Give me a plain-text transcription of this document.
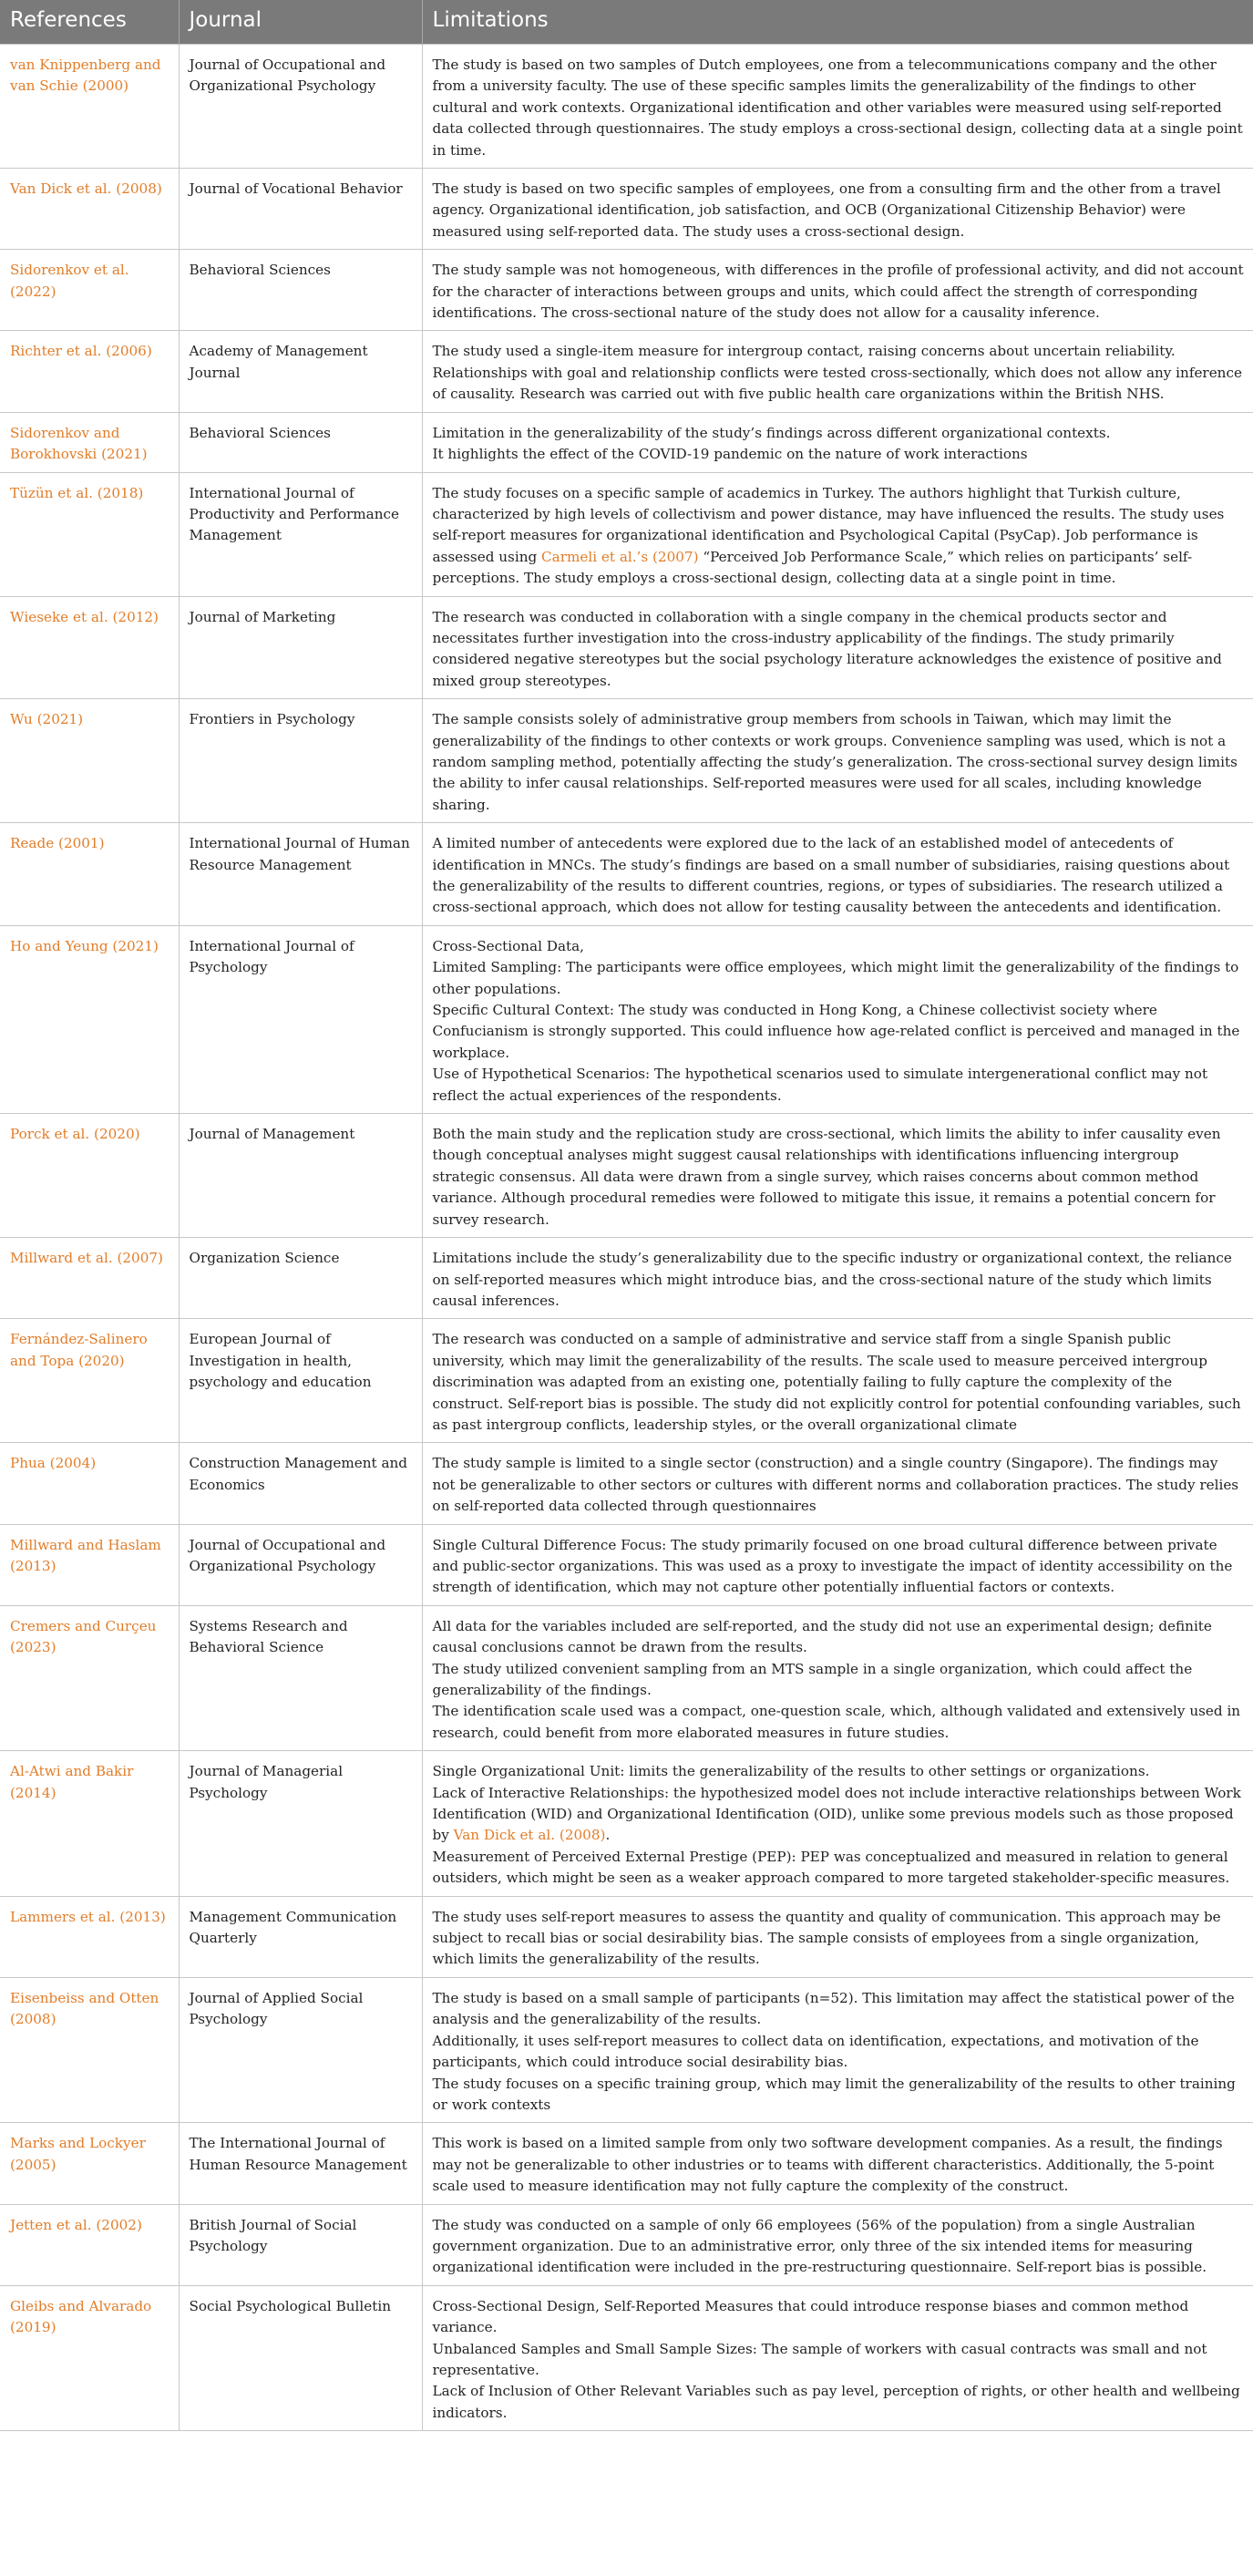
References	Journal	Limitations
van Knippenberg and van Schie (2000)	Journal of Occupational and Organizational Psychology	The study is based on two samples of Dutch employees, one from a telecommunications company and the other from a university faculty. The use of these specific samples limits the generalizability of the findings to other cultural and work contexts. Organizational identification and other variables were measured using self-reported data collected through questionnaires. The study employs a cross-sectional design, collecting data at a single point in time.

Van Dick et al. (2008)	Journal of Vocational Behavior	The study is based on two specific samples of employees, one from a consulting firm and the other from a travel agency. Organizational identification, job satisfaction, and OCB (Organizational Citizenship Behavior) were measured using self-reported data. The study uses a cross-sectional design.

Sidorenkov et al. (2022)	Behavioral Sciences	The study sample was not homogeneous, with differences in the profile of professional activity, and did not account for the character of interactions between groups and units, which could affect the strength of corresponding identifications. The cross-sectional nature of the study does not allow for a causality inference.

Richter et al. (2006)	Academy of Management Journal	The study used a single-item measure for intergroup contact, raising concerns about uncertain reliability. Relationships with goal and relationship conflicts were tested cross-sectionally, which does not allow any inference of causality. Research was carried out with five public health care organizations within the British NHS.

Sidorenkov and Borokhovski (2021)	Behavioral Sciences	Limitation in the generalizability of the study’s findings across different organizational contexts.
It highlights the effect of the COVID-19 pandemic on the nature of work interactions

Tüzün et al. (2018)	International Journal of Productivity and Performance Management	The study focuses on a specific sample of academics in Turkey. The authors highlight that Turkish culture, characterized by high levels of collectivism and power distance, may have influenced the results. The study uses self-report measures for organizational identification and Psychological Capital (PsyCap). Job performance is assessed using Carmeli et al.’s (2007) “Perceived Job Performance Scale,” which relies on participants’ self-perceptions. The study employs a cross-sectional design, collecting data at a single point in time.

Wieseke et al. (2012)	Journal of Marketing	The research was conducted in collaboration with a single company in the chemical products sector and necessitates further investigation into the cross-industry applicability of the findings. The study primarily considered negative stereotypes but the social psychology literature acknowledges the existence of positive and mixed group stereotypes.

Wu (2021)	Frontiers in Psychology	The sample consists solely of administrative group members from schools in Taiwan, which may limit the generalizability of the findings to other contexts or work groups. Convenience sampling was used, which is not a random sampling method, potentially affecting the study’s generalization. The cross-sectional survey design limits the ability to infer causal relationships. Self-reported measures were used for all scales, including knowledge sharing.

Reade (2001)	International Journal of Human Resource Management	A limited number of antecedents were explored due to the lack of an established model of antecedents of identification in MNCs. The study’s findings are based on a small number of subsidiaries, raising questions about the generalizability of the results to different countries, regions, or types of subsidiaries. The research utilized a cross-sectional approach, which does not allow for testing causality between the antecedents and identification.

Ho and Yeung (2021)	International Journal of Psychology	Cross-Sectional Data,
Limited Sampling: The participants were office employees, which might limit the generalizability of the findings to other populations.
Specific Cultural Context: The study was conducted in Hong Kong, a Chinese collectivist society where Confucianism is strongly supported. This could influence how age-related conflict is perceived and managed in the workplace.
Use of Hypothetical Scenarios: The hypothetical scenarios used to simulate intergenerational conflict may not reflect the actual experiences of the respondents.

Porck et al. (2020)	Journal of Management	Both the main study and the replication study are cross-sectional, which limits the ability to infer causality even though conceptual analyses might suggest causal relationships with identifications influencing intergroup strategic consensus. All data were drawn from a single survey, which raises concerns about common method variance. Although procedural remedies were followed to mitigate this issue, it remains a potential concern for survey research.

Millward et al. (2007)	Organization Science	Limitations include the study’s generalizability due to the specific industry or organizational context, the reliance on self-reported measures which might introduce bias, and the cross-sectional nature of the study which limits causal inferences.

Fernández-Salinero and Topa (2020)	European Journal of Investigation in health, psychology and education	The research was conducted on a sample of administrative and service staff from a single Spanish public university, which may limit the generalizability of the results. The scale used to measure perceived intergroup discrimination was adapted from an existing one, potentially failing to fully capture the complexity of the construct. Self-report bias is possible. The study did not explicitly control for potential confounding variables, such as past intergroup conflicts, leadership styles, or the overall organizational climate

Phua (2004)	Construction Management and Economics	The study sample is limited to a single sector (construction) and a single country (Singapore). The findings may not be generalizable to other sectors or cultures with different norms and collaboration practices. The study relies on self-reported data collected through questionnaires

Millward and Haslam (2013)	Journal of Occupational and Organizational Psychology	Single Cultural Difference Focus: The study primarily focused on one broad cultural difference between private and public-sector organizations. This was used as a proxy to investigate the impact of identity accessibility on the strength of identification, which may not capture other potentially influential factors or contexts.

Cremers and Curçeu (2023)	Systems Research and Behavioral Science	All data for the variables included are self-reported, and the study did not use an experimental design; definite causal conclusions cannot be drawn from the results.
The study utilized convenient sampling from an MTS sample in a single organization, which could affect the generalizability of the findings.
The identification scale used was a compact, one-question scale, which, although validated and extensively used in research, could benefit from more elaborated measures in future studies.

Al-Atwi and Bakir (2014)	Journal of Managerial Psychology	Single Organizational Unit: limits the generalizability of the results to other settings or organizations.
Lack of Interactive Relationships: the hypothesized model does not include interactive relationships between Work Identification (WID) and Organizational Identification (OID), unlike some previous models such as those proposed by Van Dick et al. (2008).
Measurement of Perceived External Prestige (PEP): PEP was conceptualized and measured in relation to general outsiders, which might be seen as a weaker approach compared to more targeted stakeholder-specific measures.

Lammers et al. (2013)	Management Communication Quarterly	The study uses self-report measures to assess the quantity and quality of communication. This approach may be subject to recall bias or social desirability bias. The sample consists of employees from a single organization, which limits the generalizability of the results.

Eisenbeiss and Otten (2008)	Journal of Applied Social Psychology	The study is based on a small sample of participants (n=52). This limitation may affect the statistical power of the analysis and the generalizability of the results.
Additionally, it uses self-report measures to collect data on identification, expectations, and motivation of the participants, which could introduce social desirability bias.
The study focuses on a specific training group, which may limit the generalizability of the results to other training or work contexts

Marks and Lockyer (2005)	The International Journal of Human Resource Management	This work is based on a limited sample from only two software development companies. As a result, the findings may not be generalizable to other industries or to teams with different characteristics. Additionally, the 5-point scale used to measure identification may not fully capture the complexity of the construct.

Jetten et al. (2002)	British Journal of Social Psychology	The study was conducted on a sample of only 66 employees (56% of the population) from a single Australian government organization. Due to an administrative error, only three of the six intended items for measuring organizational identification were included in the pre-restructuring questionnaire. Self-report bias is possible.

Gleibs and Alvarado (2019)	Social Psychological Bulletin	Cross-Sectional Design, Self-Reported Measures that could introduce response biases and common method variance.
Unbalanced Samples and Small Sample Sizes: The sample of workers with casual contracts was small and not representative.
Lack of Inclusion of Other Relevant Variables such as pay level, perception of rights, or other health and wellbeing indicators.
